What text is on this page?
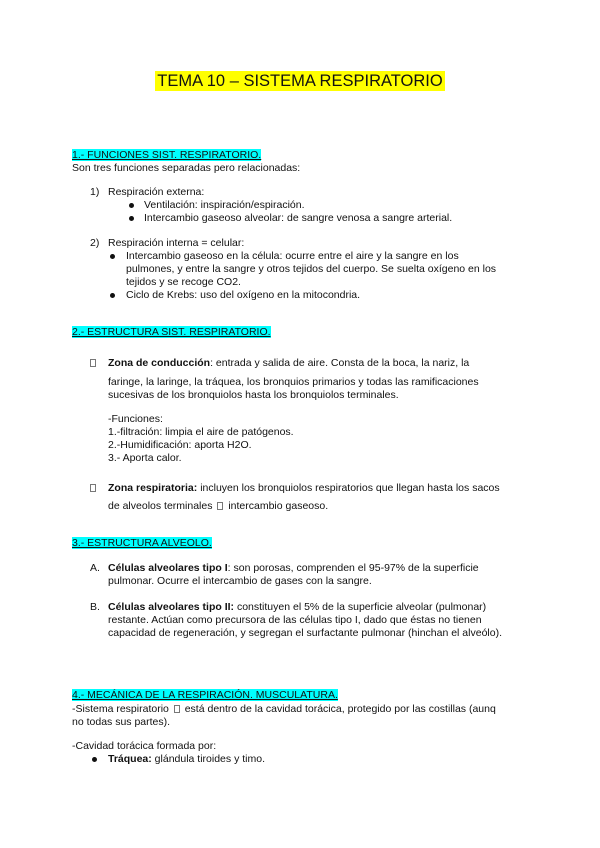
TEMA 10 – SISTEMA RESPIRATORIO
1.- FUNCIONES SIST. RESPIRATORIO.
Son tres funciones separadas pero relacionadas:
1) Respiración externa:
Ventilación: inspiración/espiración.
Intercambio gaseoso alveolar: de sangre venosa a sangre arterial.
2) Respiración interna = celular:
Intercambio gaseoso en la célula: ocurre entre el aire y la sangre en los
pulmones, y entre la sangre y otros tejidos del cuerpo. Se suelta oxígeno en los
tejidos y se recoge CO2.
Ciclo de Krebs: uso del oxígeno en la mitocondria.
2.- ESTRUCTURA SIST. RESPIRATORIO.
Zona de conducción: entrada y salida de aire. Consta de la boca, la nariz, la
faringe, la laringe, la tráquea, los bronquios primarios y todas las ramificaciones
sucesivas de los bronquiolos hasta los bronquiolos terminales.
-Funciones:
1.-filtración: limpia el aire de patógenos.
2.-Humidificación: aporta H2O.
3.- Aporta calor.
Zona respiratoria: incluyen los bronquiolos respiratorios que llegan hasta los sacos
de alveolos terminales intercambio gaseoso.
3.- ESTRUCTURA ALVEOLO.
A. Células alveolares tipo I: son porosas, comprenden el 95-97% de la superficie
pulmonar. Ocurre el intercambio de gases con la sangre.
B. Células alveolares tipo II: constituyen el 5% de la superficie alveolar (pulmonar)
restante. Actúan como precursora de las células tipo I, dado que éstas no tienen
capacidad de regeneración, y segregan el surfactante pulmonar (hinchan el alveólo).
4.- MECÁNICA DE LA RESPIRACIÓN. MUSCULATURA.
-Sistema respiratorio está dentro de la cavidad torácica, protegido por las costillas (aunq
no todas sus partes).
-Cavidad torácica formada por:
Tráquea: glándula tiroides y timo.
